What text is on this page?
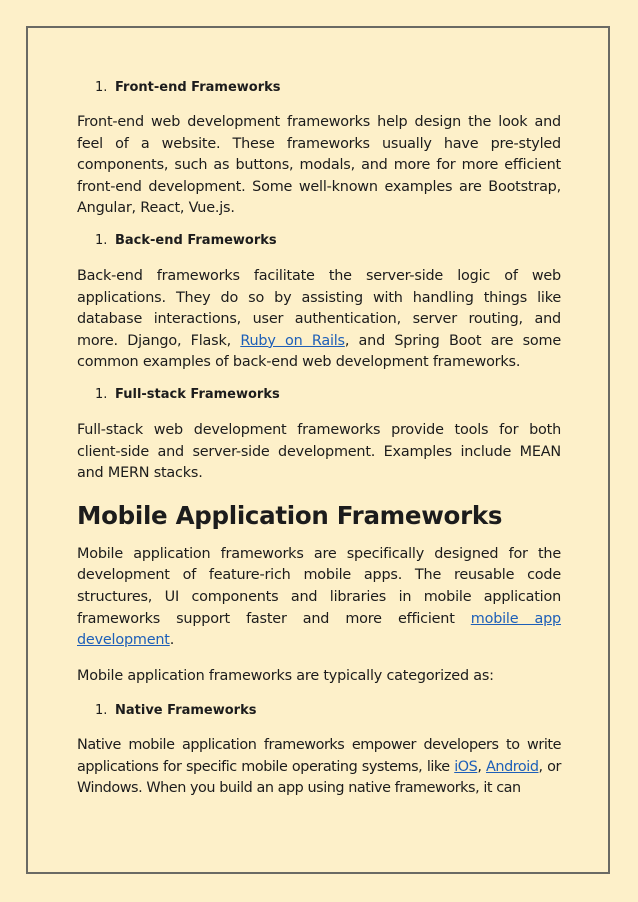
1. Front-end Frameworks

Front-end web development frameworks help design the look and feel of a website. These frameworks usually have pre-styled components, such as buttons, modals, and more for more efficient front-end development. Some well-known examples are Bootstrap, Angular, React, Vue.js.

1. Back-end Frameworks

Back-end frameworks facilitate the server-side logic of web applications. They do so by assisting with handling things like database interactions, user authentication, server routing, and more. Django, Flask, Ruby on Rails, and Spring Boot are some common examples of back-end web development frameworks.

1. Full-stack Frameworks

Full-stack web development frameworks provide tools for both client-side and server-side development. Examples include MEAN and MERN stacks.

Mobile Application Frameworks

Mobile application frameworks are specifically designed for the development of feature-rich mobile apps. The reusable code structures, UI components and libraries in mobile application frameworks support faster and more efficient mobile app development.

Mobile application frameworks are typically categorized as:

1. Native Frameworks

Native mobile application frameworks empower developers to write applications for specific mobile operating systems, like iOS, Android, or Windows. When you build an app using native frameworks, it can
